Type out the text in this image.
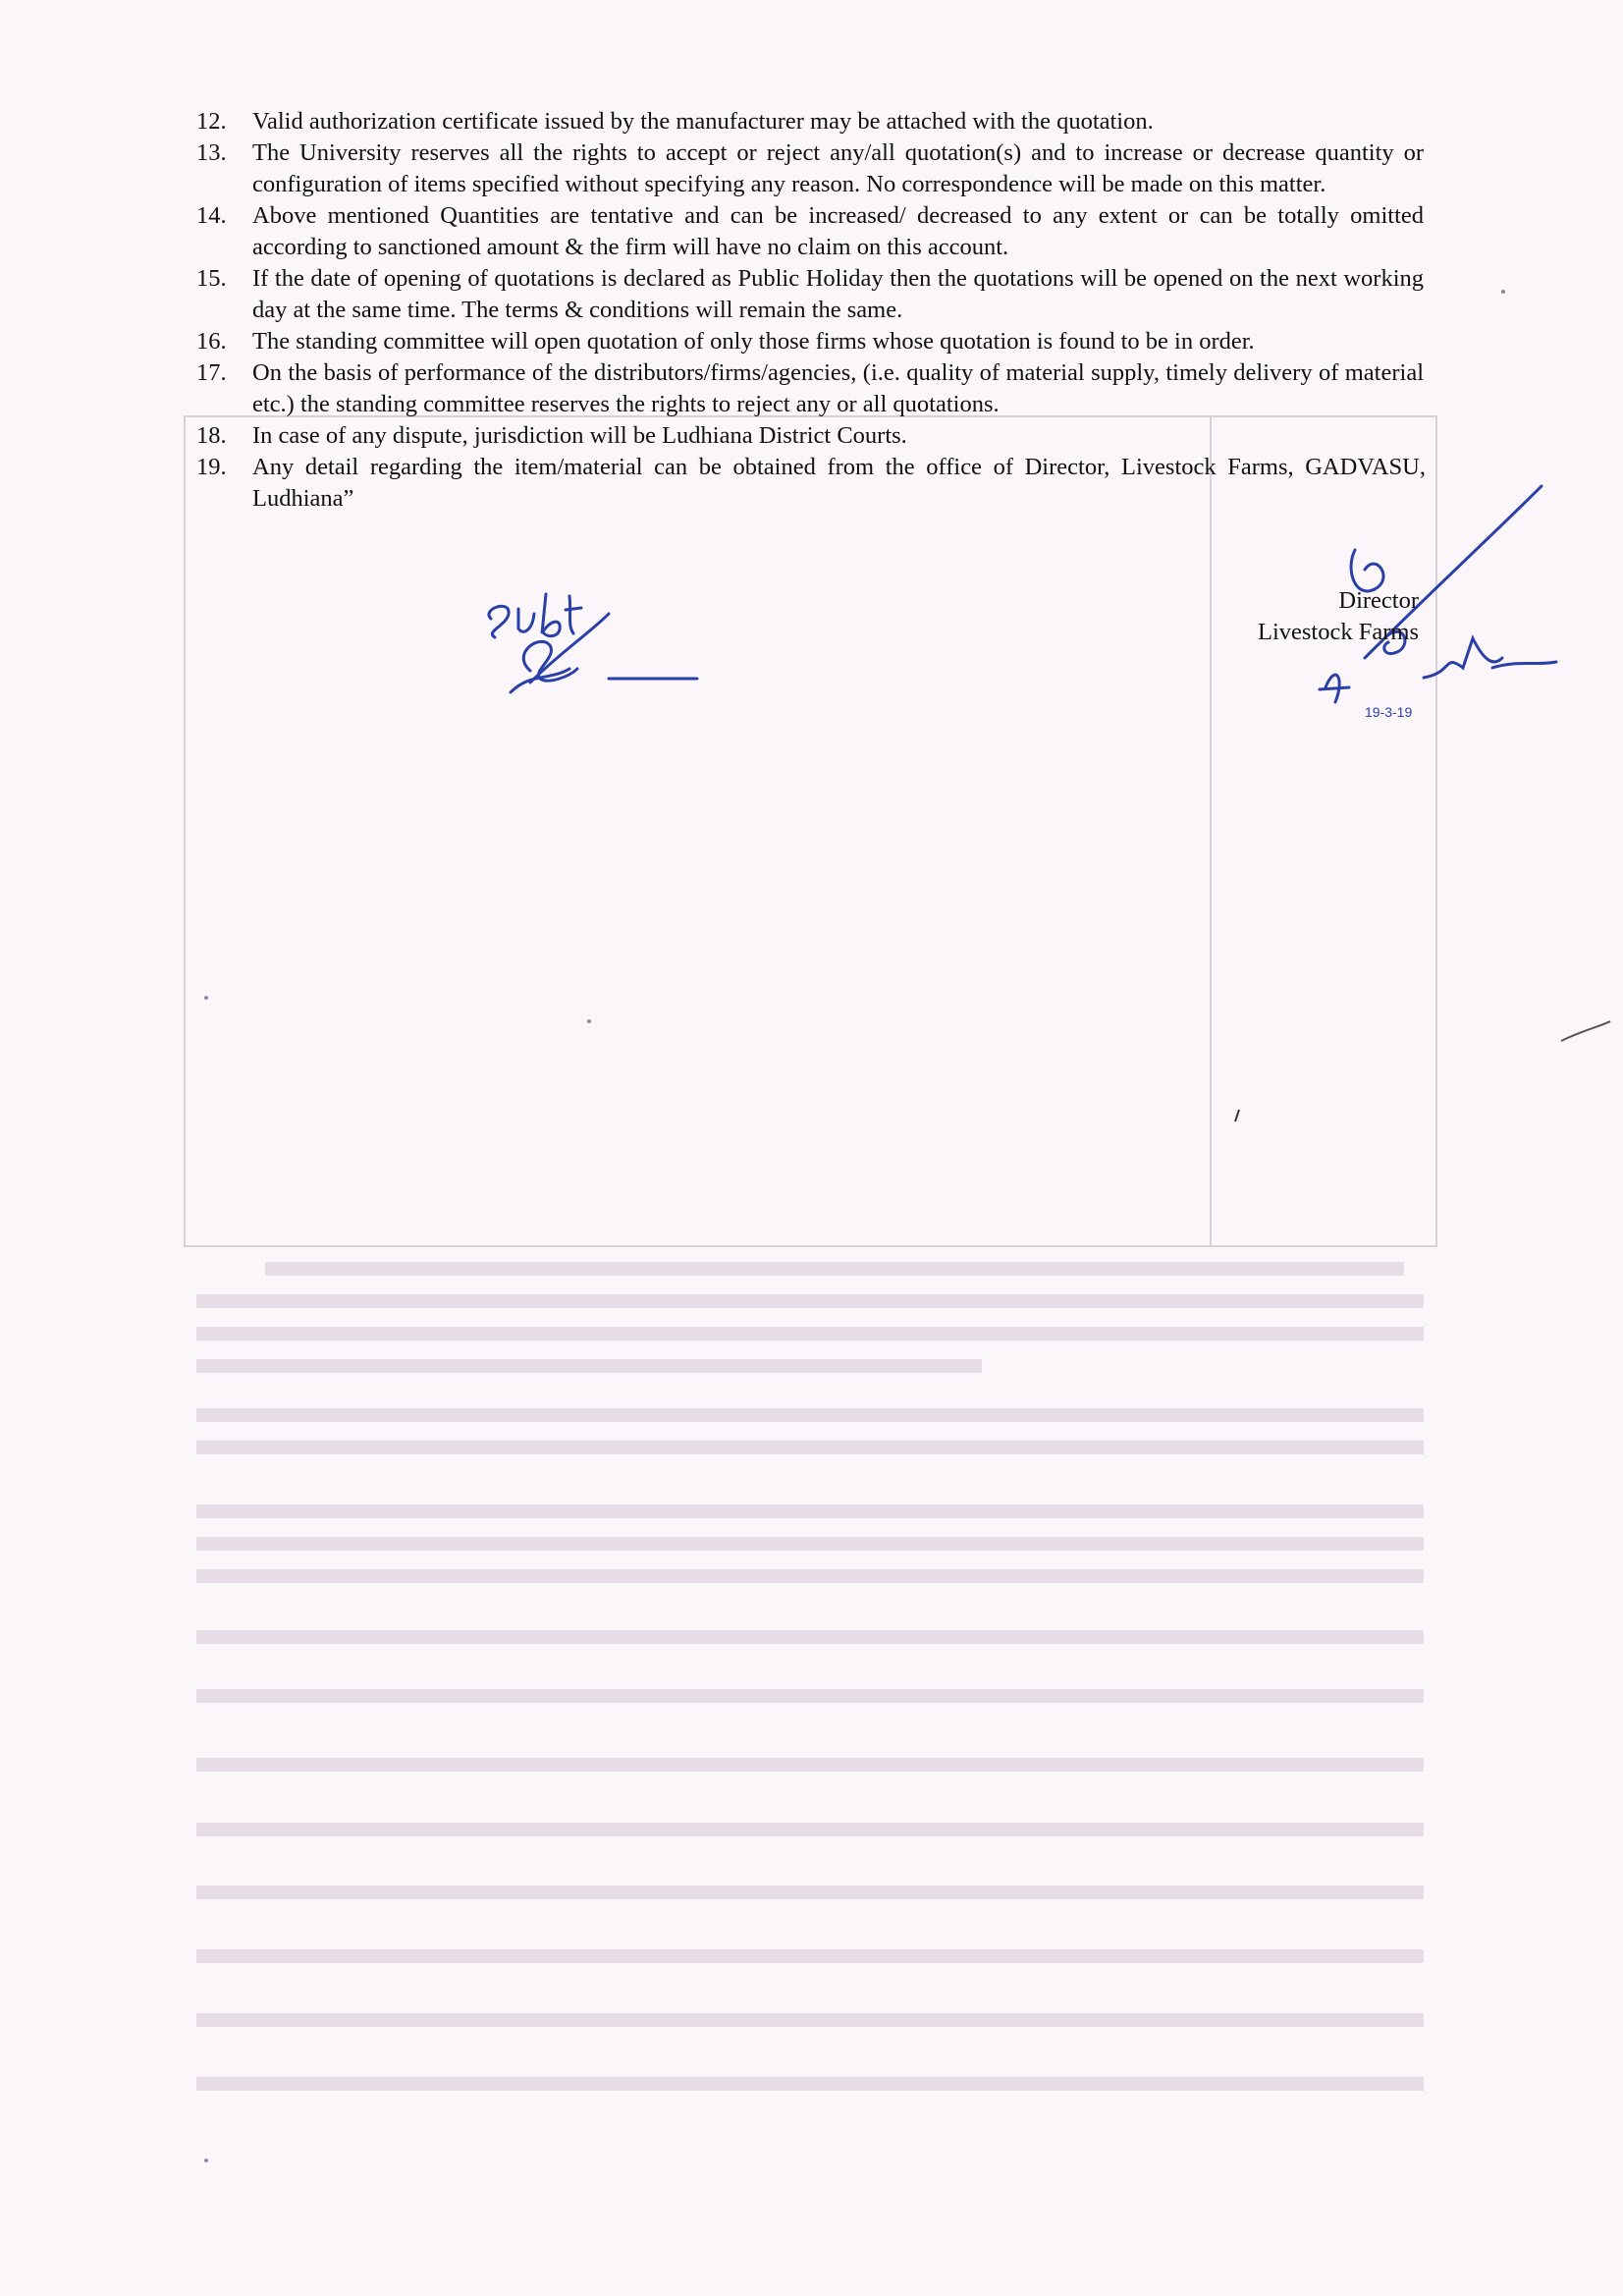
12. Valid authorization certificate issued by the manufacturer may be attached with the quotation.
13. The University reserves all the rights to accept or reject any/all quotation(s) and to increase or decrease quantity or configuration of items specified without specifying any reason. No correspondence will be made on this matter.
14. Above mentioned Quantities are tentative and can be increased/ decreased to any extent or can be totally omitted according to sanctioned amount & the firm will have no claim on this account.
15. If the date of opening of quotations is declared as Public Holiday then the quotations will be opened on the next working day at the same time. The terms & conditions will remain the same.
16. The standing committee will open quotation of only those firms whose quotation is found to be in order.
17. On the basis of performance of the distributors/firms/agencies, (i.e. quality of material supply, timely delivery of material etc.) the standing committee reserves the rights to reject any or all quotations.
18. In case of any dispute, jurisdiction will be Ludhiana District Courts.
19. Any detail regarding the item/material can be obtained from the office of Director, Livestock Farms, GADVASU, Ludhiana”
19-3-19
Director
Livestock Farms
